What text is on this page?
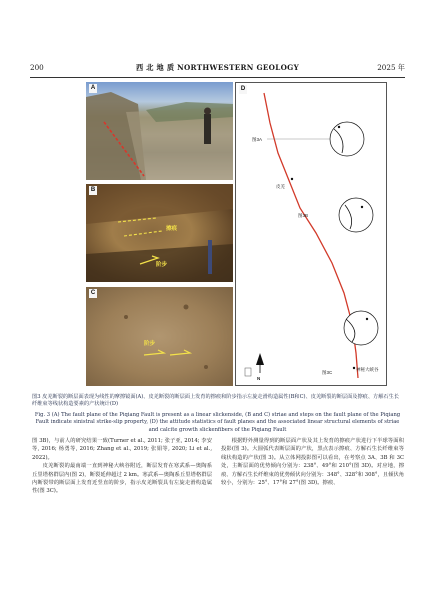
200	西 北 地 质 NORTHWESTERN GEOLOGY	2025 年
A
B
擦痕
阶步
C
阶步
D
图3A
皮羌
图3B
图3C
神秘大峡谷
N
图3 皮羌断裂的断层面表现为线性的摩擦镜面(A)、皮羌断裂的断层面上发育的擦痕和阶步指示左旋走滑构造属性(B和C)、皮羌断裂的断层面及擦痕、方解石生长纤维束等线状构造要素的产状统计(D)
Fig. 3 (A) The fault plane of the Piqiang Fault is present as a linear slickenside, (B and C) striae and steps on the fault plane of the Piqiang Fault indicate sinistral strike-slip property, (D) the attitude statistics of fault planes and the associated linear structural elements of striae and calcite growth slickenfibers of the Piqiang Fault

图 3B)，与前人的研究结果一致(Turner et al., 2011; 张子亚, 2014; 李安等, 2016; 杨勇等, 2016; Zhang et al., 2019; 张娟等, 2020; Li et al., 2022)。

皮羌断裂的最南端一直到神秘大峡谷附近，断层发育在寒武系—奥陶系丘里塔格群层内(图 2)，断裂延伸超过 2 km。寒武系—奥陶系丘里塔格群层内断裂带的断层面上发育近竖直的阶步，指示皮羌断裂具有左旋走滑构造属性(图 3C)。

根据野外测量得到的断层面产状及其上发育的擦痕产状进行下半球等面积投影(图 3)。大圆弧代表断层面的产状，黑点表示擦痕、方解石生长纤维束等线状构造的产状(图 3)。从立体网投影图可以看出，在考察点 3A、3B 和 3C 处，主断层面的优势倾向分别为：238°、49°和 210°(图 3D)。对应地，擦痕、方解石生长纤维束的优势倾伏向分别为：348°、328°和 308°，且倾伏角较小，分别为：25°、17°和 27°(图 3D)。擦痕、
